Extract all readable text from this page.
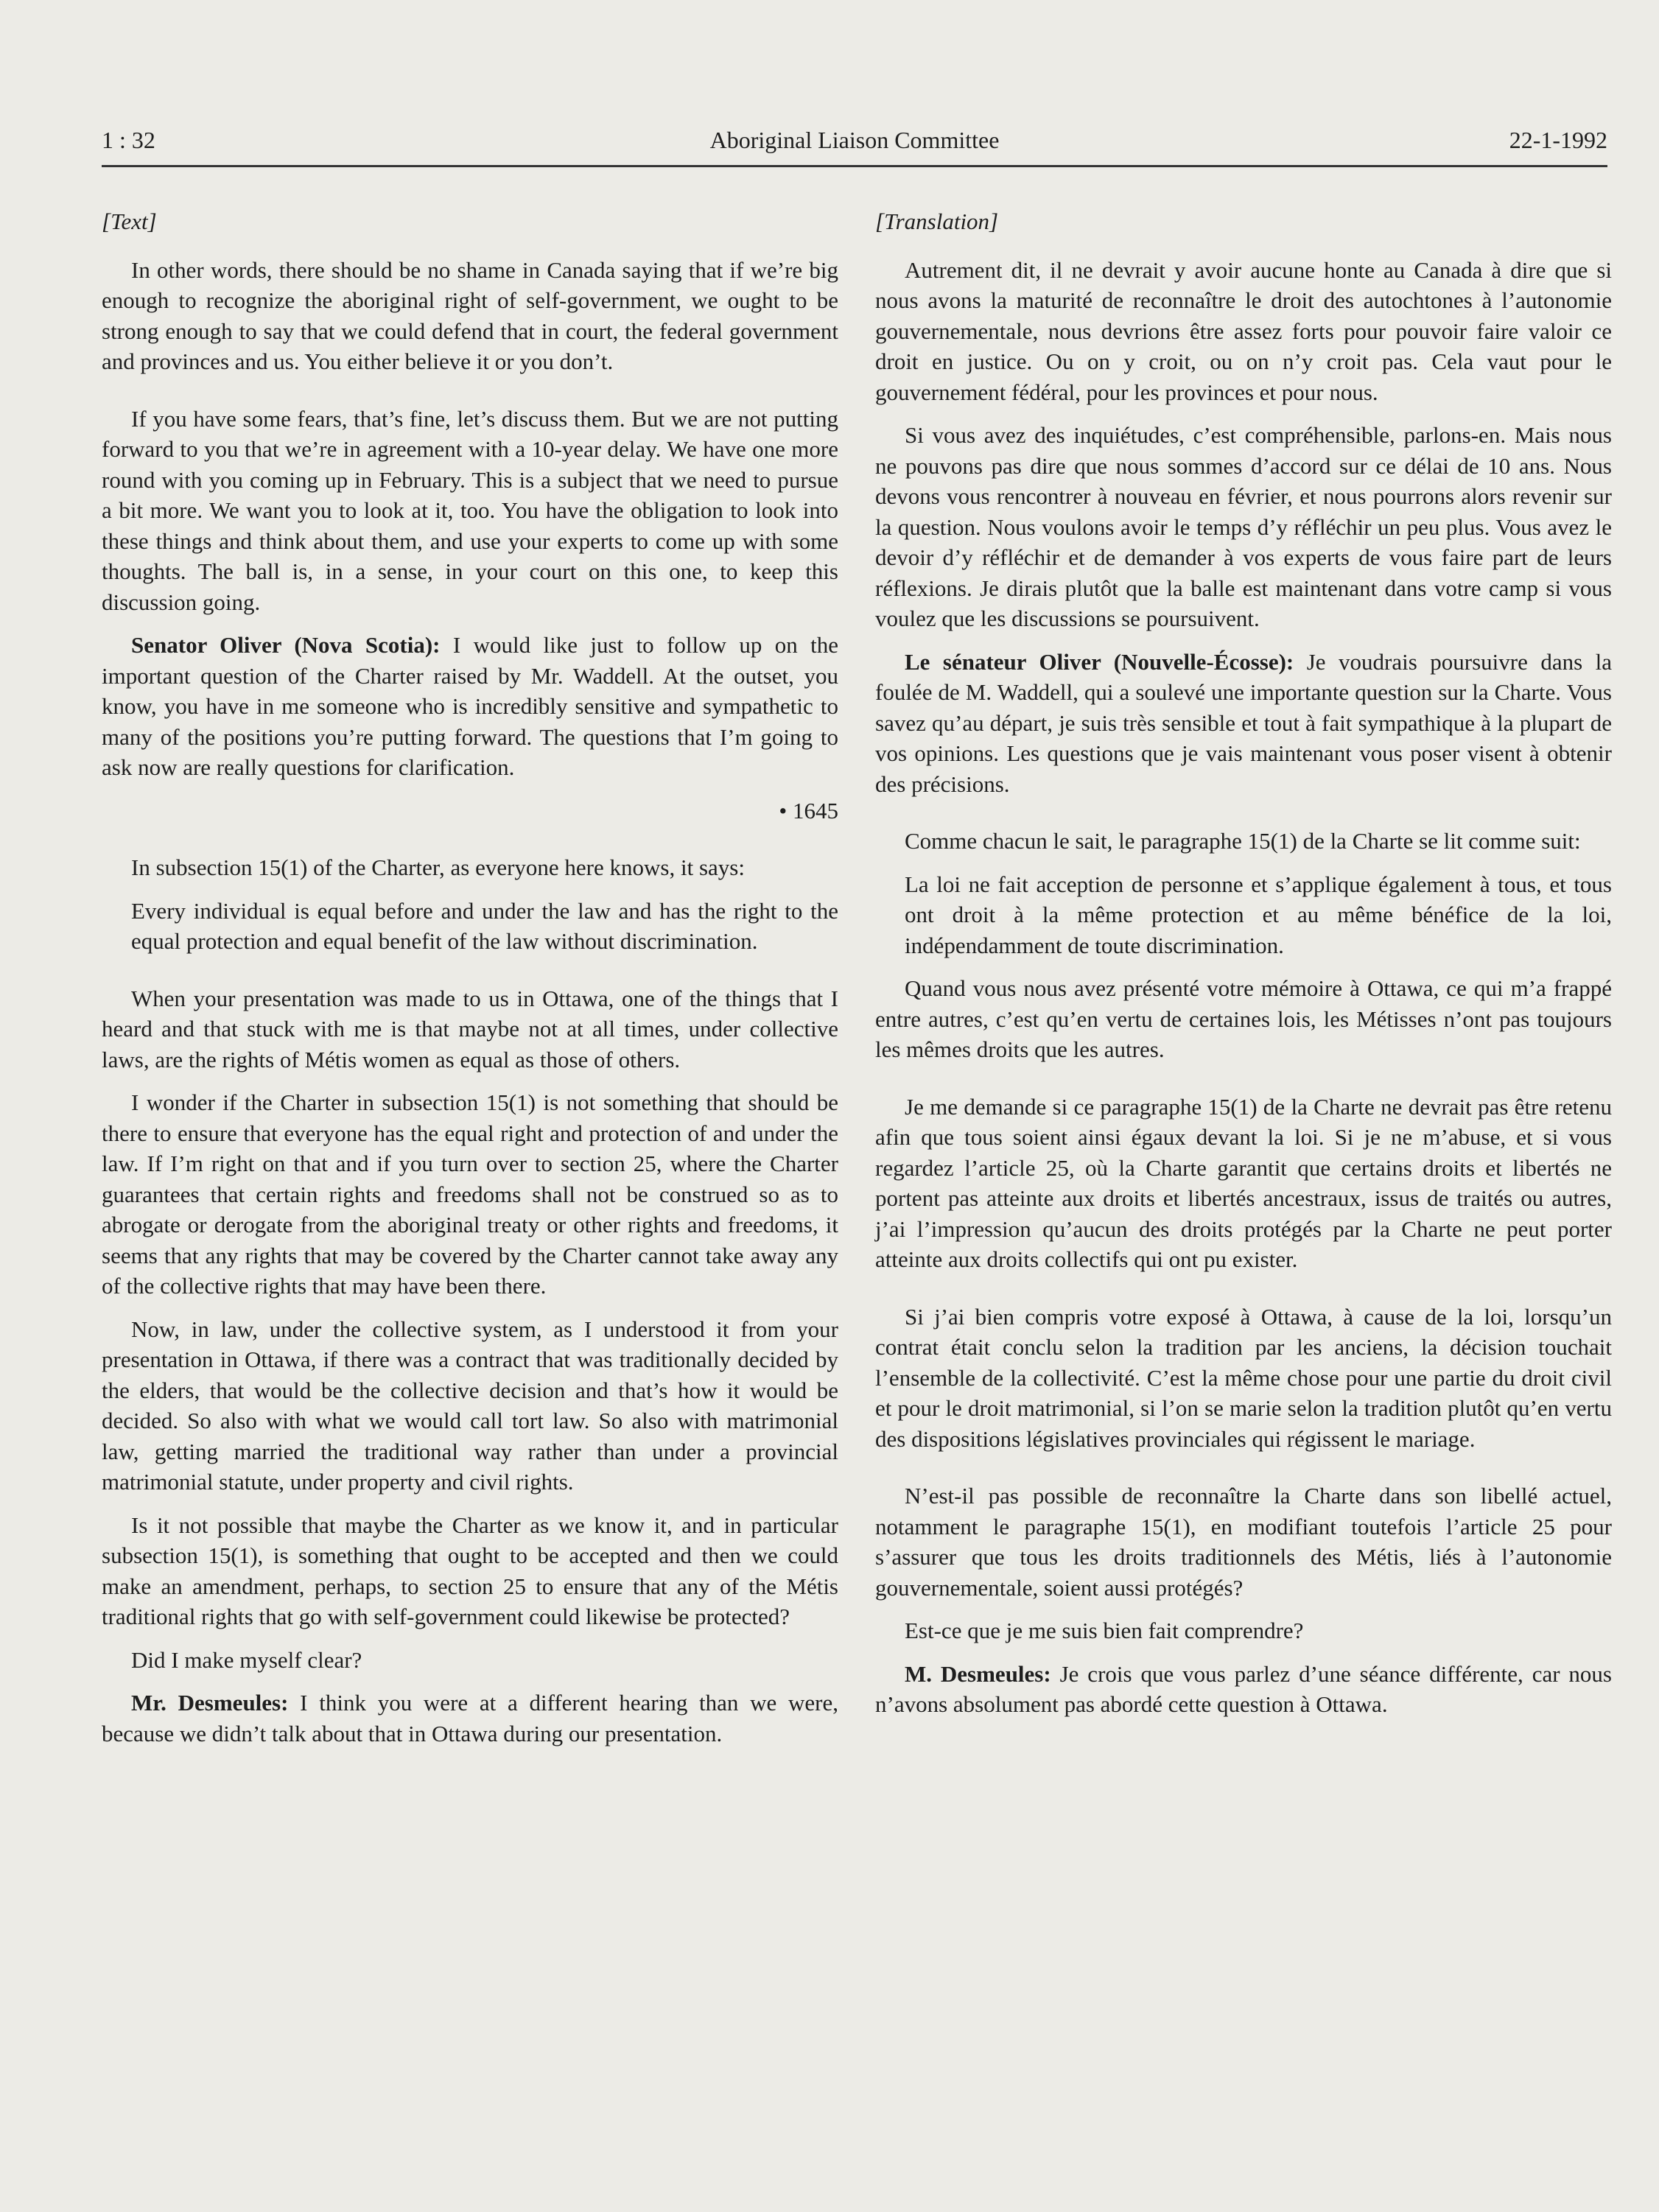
1 : 32	Aboriginal Liaison Committee	22-1-1992

[Text]

In other words, there should be no shame in Canada saying that if we’re big enough to recognize the aboriginal right of self-government, we ought to be strong enough to say that we could defend that in court, the federal government and provinces and us. You either believe it or you don’t.

If you have some fears, that’s fine, let’s discuss them. But we are not putting forward to you that we’re in agreement with a 10-year delay. We have one more round with you coming up in February. This is a subject that we need to pursue a bit more. We want you to look at it, too. You have the obligation to look into these things and think about them, and use your experts to come up with some thoughts. The ball is, in a sense, in your court on this one, to keep this discussion going.

Senator Oliver (Nova Scotia): I would like just to follow up on the important question of the Charter raised by Mr. Waddell. At the outset, you know, you have in me someone who is incredibly sensitive and sympathetic to many of the positions you’re putting forward. The questions that I’m going to ask now are really questions for clarification.

• 1645

In subsection 15(1) of the Charter, as everyone here knows, it says:

Every individual is equal before and under the law and has the right to the equal protection and equal benefit of the law without discrimination.

When your presentation was made to us in Ottawa, one of the things that I heard and that stuck with me is that maybe not at all times, under collective laws, are the rights of Métis women as equal as those of others.

I wonder if the Charter in subsection 15(1) is not something that should be there to ensure that everyone has the equal right and protection of and under the law. If I’m right on that and if you turn over to section 25, where the Charter guarantees that certain rights and freedoms shall not be construed so as to abrogate or derogate from the aboriginal treaty or other rights and freedoms, it seems that any rights that may be covered by the Charter cannot take away any of the collective rights that may have been there.

Now, in law, under the collective system, as I understood it from your presentation in Ottawa, if there was a contract that was traditionally decided by the elders, that would be the collective decision and that’s how it would be decided. So also with what we would call tort law. So also with matrimonial law, getting married the traditional way rather than under a provincial matrimonial statute, under property and civil rights.

Is it not possible that maybe the Charter as we know it, and in particular subsection 15(1), is something that ought to be accepted and then we could make an amendment, perhaps, to section 25 to ensure that any of the Métis traditional rights that go with self-government could likewise be protected?

Did I make myself clear?

Mr. Desmeules: I think you were at a different hearing than we were, because we didn’t talk about that in Ottawa during our presentation.

[Translation]

Autrement dit, il ne devrait y avoir aucune honte au Canada à dire que si nous avons la maturité de reconnaître le droit des autochtones à l’autonomie gouvernementale, nous devrions être assez forts pour pouvoir faire valoir ce droit en justice. Ou on y croit, ou on n’y croit pas. Cela vaut pour le gouvernement fédéral, pour les provinces et pour nous.

Si vous avez des inquiétudes, c’est compréhensible, parlons-en. Mais nous ne pouvons pas dire que nous sommes d’accord sur ce délai de 10 ans. Nous devons vous rencontrer à nouveau en février, et nous pourrons alors revenir sur la question. Nous voulons avoir le temps d’y réfléchir un peu plus. Vous avez le devoir d’y réfléchir et de demander à vos experts de vous faire part de leurs réflexions. Je dirais plutôt que la balle est maintenant dans votre camp si vous voulez que les discussions se poursuivent.

Le sénateur Oliver (Nouvelle-Écosse): Je voudrais poursuivre dans la foulée de M. Waddell, qui a soulevé une importante question sur la Charte. Vous savez qu’au départ, je suis très sensible et tout à fait sympathique à la plupart de vos opinions. Les questions que je vais maintenant vous poser visent à obtenir des précisions.

Comme chacun le sait, le paragraphe 15(1) de la Charte se lit comme suit:

La loi ne fait acception de personne et s’applique également à tous, et tous ont droit à la même protection et au même bénéfice de la loi, indépendamment de toute discrimination.

Quand vous nous avez présenté votre mémoire à Ottawa, ce qui m’a frappé entre autres, c’est qu’en vertu de certaines lois, les Métisses n’ont pas toujours les mêmes droits que les autres.

Je me demande si ce paragraphe 15(1) de la Charte ne devrait pas être retenu afin que tous soient ainsi égaux devant la loi. Si je ne m’abuse, et si vous regardez l’article 25, où la Charte garantit que certains droits et libertés ne portent pas atteinte aux droits et libertés ancestraux, issus de traités ou autres, j’ai l’impression qu’aucun des droits protégés par la Charte ne peut porter atteinte aux droits collectifs qui ont pu exister.

Si j’ai bien compris votre exposé à Ottawa, à cause de la loi, lorsqu’un contrat était conclu selon la tradition par les anciens, la décision touchait l’ensemble de la collectivité. C’est la même chose pour une partie du droit civil et pour le droit matrimonial, si l’on se marie selon la tradition plutôt qu’en vertu des dispositions législatives provinciales qui régissent le mariage.

N’est-il pas possible de reconnaître la Charte dans son libellé actuel, notamment le paragraphe 15(1), en modifiant toutefois l’article 25 pour s’assurer que tous les droits traditionnels des Métis, liés à l’autonomie gouvernementale, soient aussi protégés?

Est-ce que je me suis bien fait comprendre?

M. Desmeules: Je crois que vous parlez d’une séance différente, car nous n’avons absolument pas abordé cette question à Ottawa.
